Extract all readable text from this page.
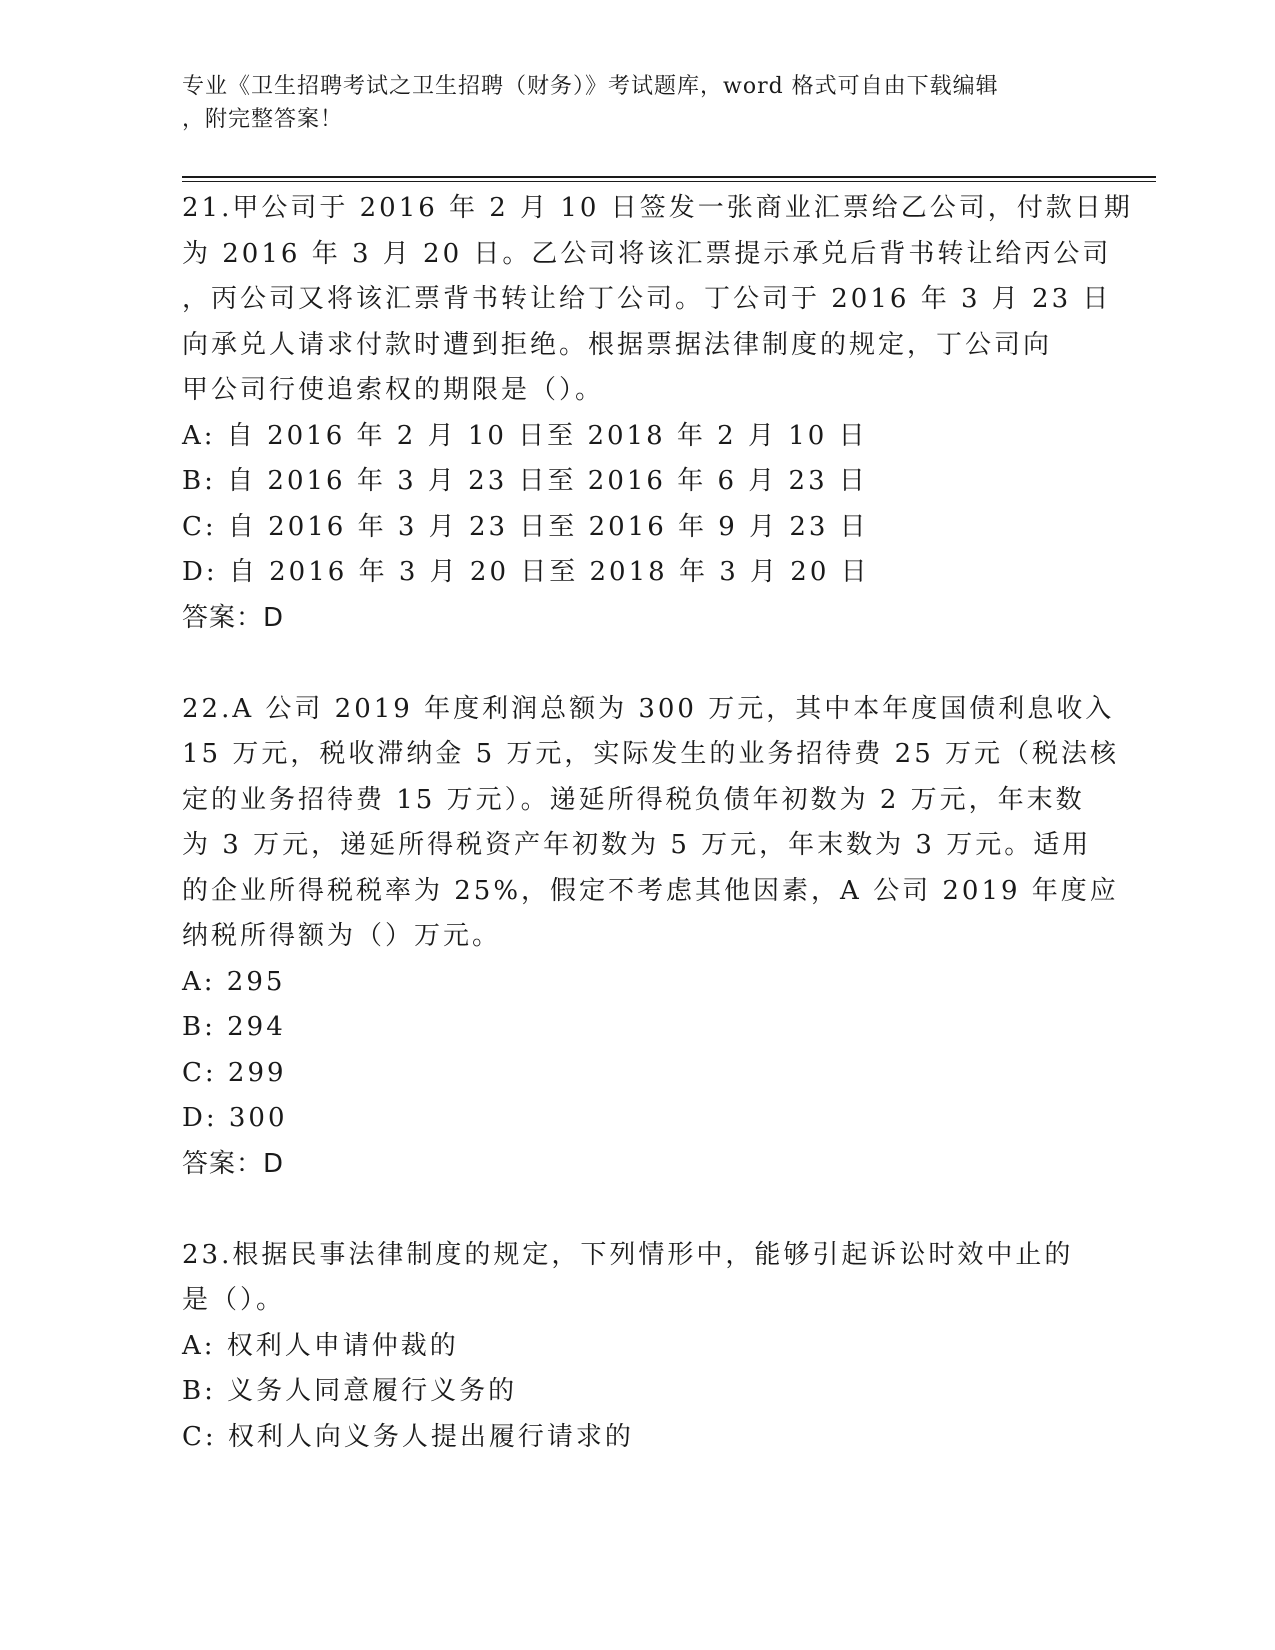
专业《卫生招聘考试之卫生招聘（财务）》考试题库，word 格式可自由下载编辑
，附完整答案！

21.甲公司于 2016 年 2 月 10 日签发一张商业汇票给乙公司，付款日期

为 2016 年 3 月 20 日。乙公司将该汇票提示承兑后背书转让给丙公司

，丙公司又将该汇票背书转让给丁公司。丁公司于 2016 年 3 月 23 日

向承兑人请求付款时遭到拒绝。根据票据法律制度的规定，丁公司向

甲公司行使追索权的期限是（）。

A: 自 2016 年 2 月 10 日至 2018 年 2 月 10 日

B: 自 2016 年 3 月 23 日至 2016 年 6 月 23 日

C: 自 2016 年 3 月 23 日至 2016 年 9 月 23 日

D: 自 2016 年 3 月 20 日至 2018 年 3 月 20 日

答案：D

22.A 公司 2019 年度利润总额为 300 万元，其中本年度国债利息收入

15 万元，税收滞纳金 5 万元，实际发生的业务招待费 25 万元（税法核

定的业务招待费 15 万元）。递延所得税负债年初数为 2 万元，年末数

为 3 万元，递延所得税资产年初数为 5 万元，年末数为 3 万元。适用

的企业所得税税率为 25%，假定不考虑其他因素，A 公司 2019 年度应

纳税所得额为（）万元。

A: 295

B: 294

C: 299

D: 300

答案：D

23.根据民事法律制度的规定，下列情形中，能够引起诉讼时效中止的

是（）。

A: 权利人申请仲裁的

B: 义务人同意履行义务的

C: 权利人向义务人提出履行请求的
